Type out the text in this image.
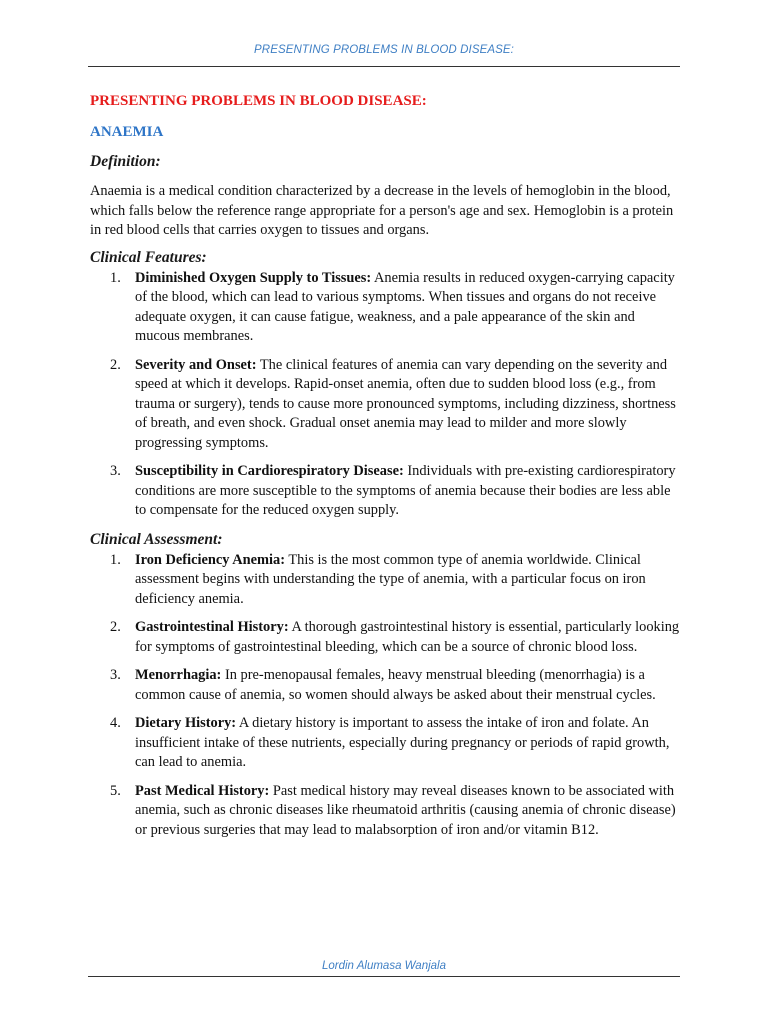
PRESENTING PROBLEMS IN BLOOD DISEASE:
PRESENTING PROBLEMS IN BLOOD DISEASE:
ANAEMIA
Definition:

Anaemia is a medical condition characterized by a decrease in the levels of hemoglobin in the blood, which falls below the reference range appropriate for a person's age and sex. Hemoglobin is a protein in red blood cells that carries oxygen to tissues and organs.

Clinical Features:
1. Diminished Oxygen Supply to Tissues: Anemia results in reduced oxygen-carrying capacity of the blood, which can lead to various symptoms. When tissues and organs do not receive adequate oxygen, it can cause fatigue, weakness, and a pale appearance of the skin and mucous membranes.
2. Severity and Onset: The clinical features of anemia can vary depending on the severity and speed at which it develops. Rapid-onset anemia, often due to sudden blood loss (e.g., from trauma or surgery), tends to cause more pronounced symptoms, including dizziness, shortness of breath, and even shock. Gradual onset anemia may lead to milder and more slowly progressing symptoms.
3. Susceptibility in Cardiorespiratory Disease: Individuals with pre-existing cardiorespiratory conditions are more susceptible to the symptoms of anemia because their bodies are less able to compensate for the reduced oxygen supply.
Clinical Assessment:
1. Iron Deficiency Anemia: This is the most common type of anemia worldwide. Clinical assessment begins with understanding the type of anemia, with a particular focus on iron deficiency anemia.
2. Gastrointestinal History: A thorough gastrointestinal history is essential, particularly looking for symptoms of gastrointestinal bleeding, which can be a source of chronic blood loss.
3. Menorrhagia: In pre-menopausal females, heavy menstrual bleeding (menorrhagia) is a common cause of anemia, so women should always be asked about their menstrual cycles.
4. Dietary History: A dietary history is important to assess the intake of iron and folate. An insufficient intake of these nutrients, especially during pregnancy or periods of rapid growth, can lead to anemia.
5. Past Medical History: Past medical history may reveal diseases known to be associated with anemia, such as chronic diseases like rheumatoid arthritis (causing anemia of chronic disease) or previous surgeries that may lead to malabsorption of iron and/or vitamin B12.
Lordin Alumasa Wanjala
